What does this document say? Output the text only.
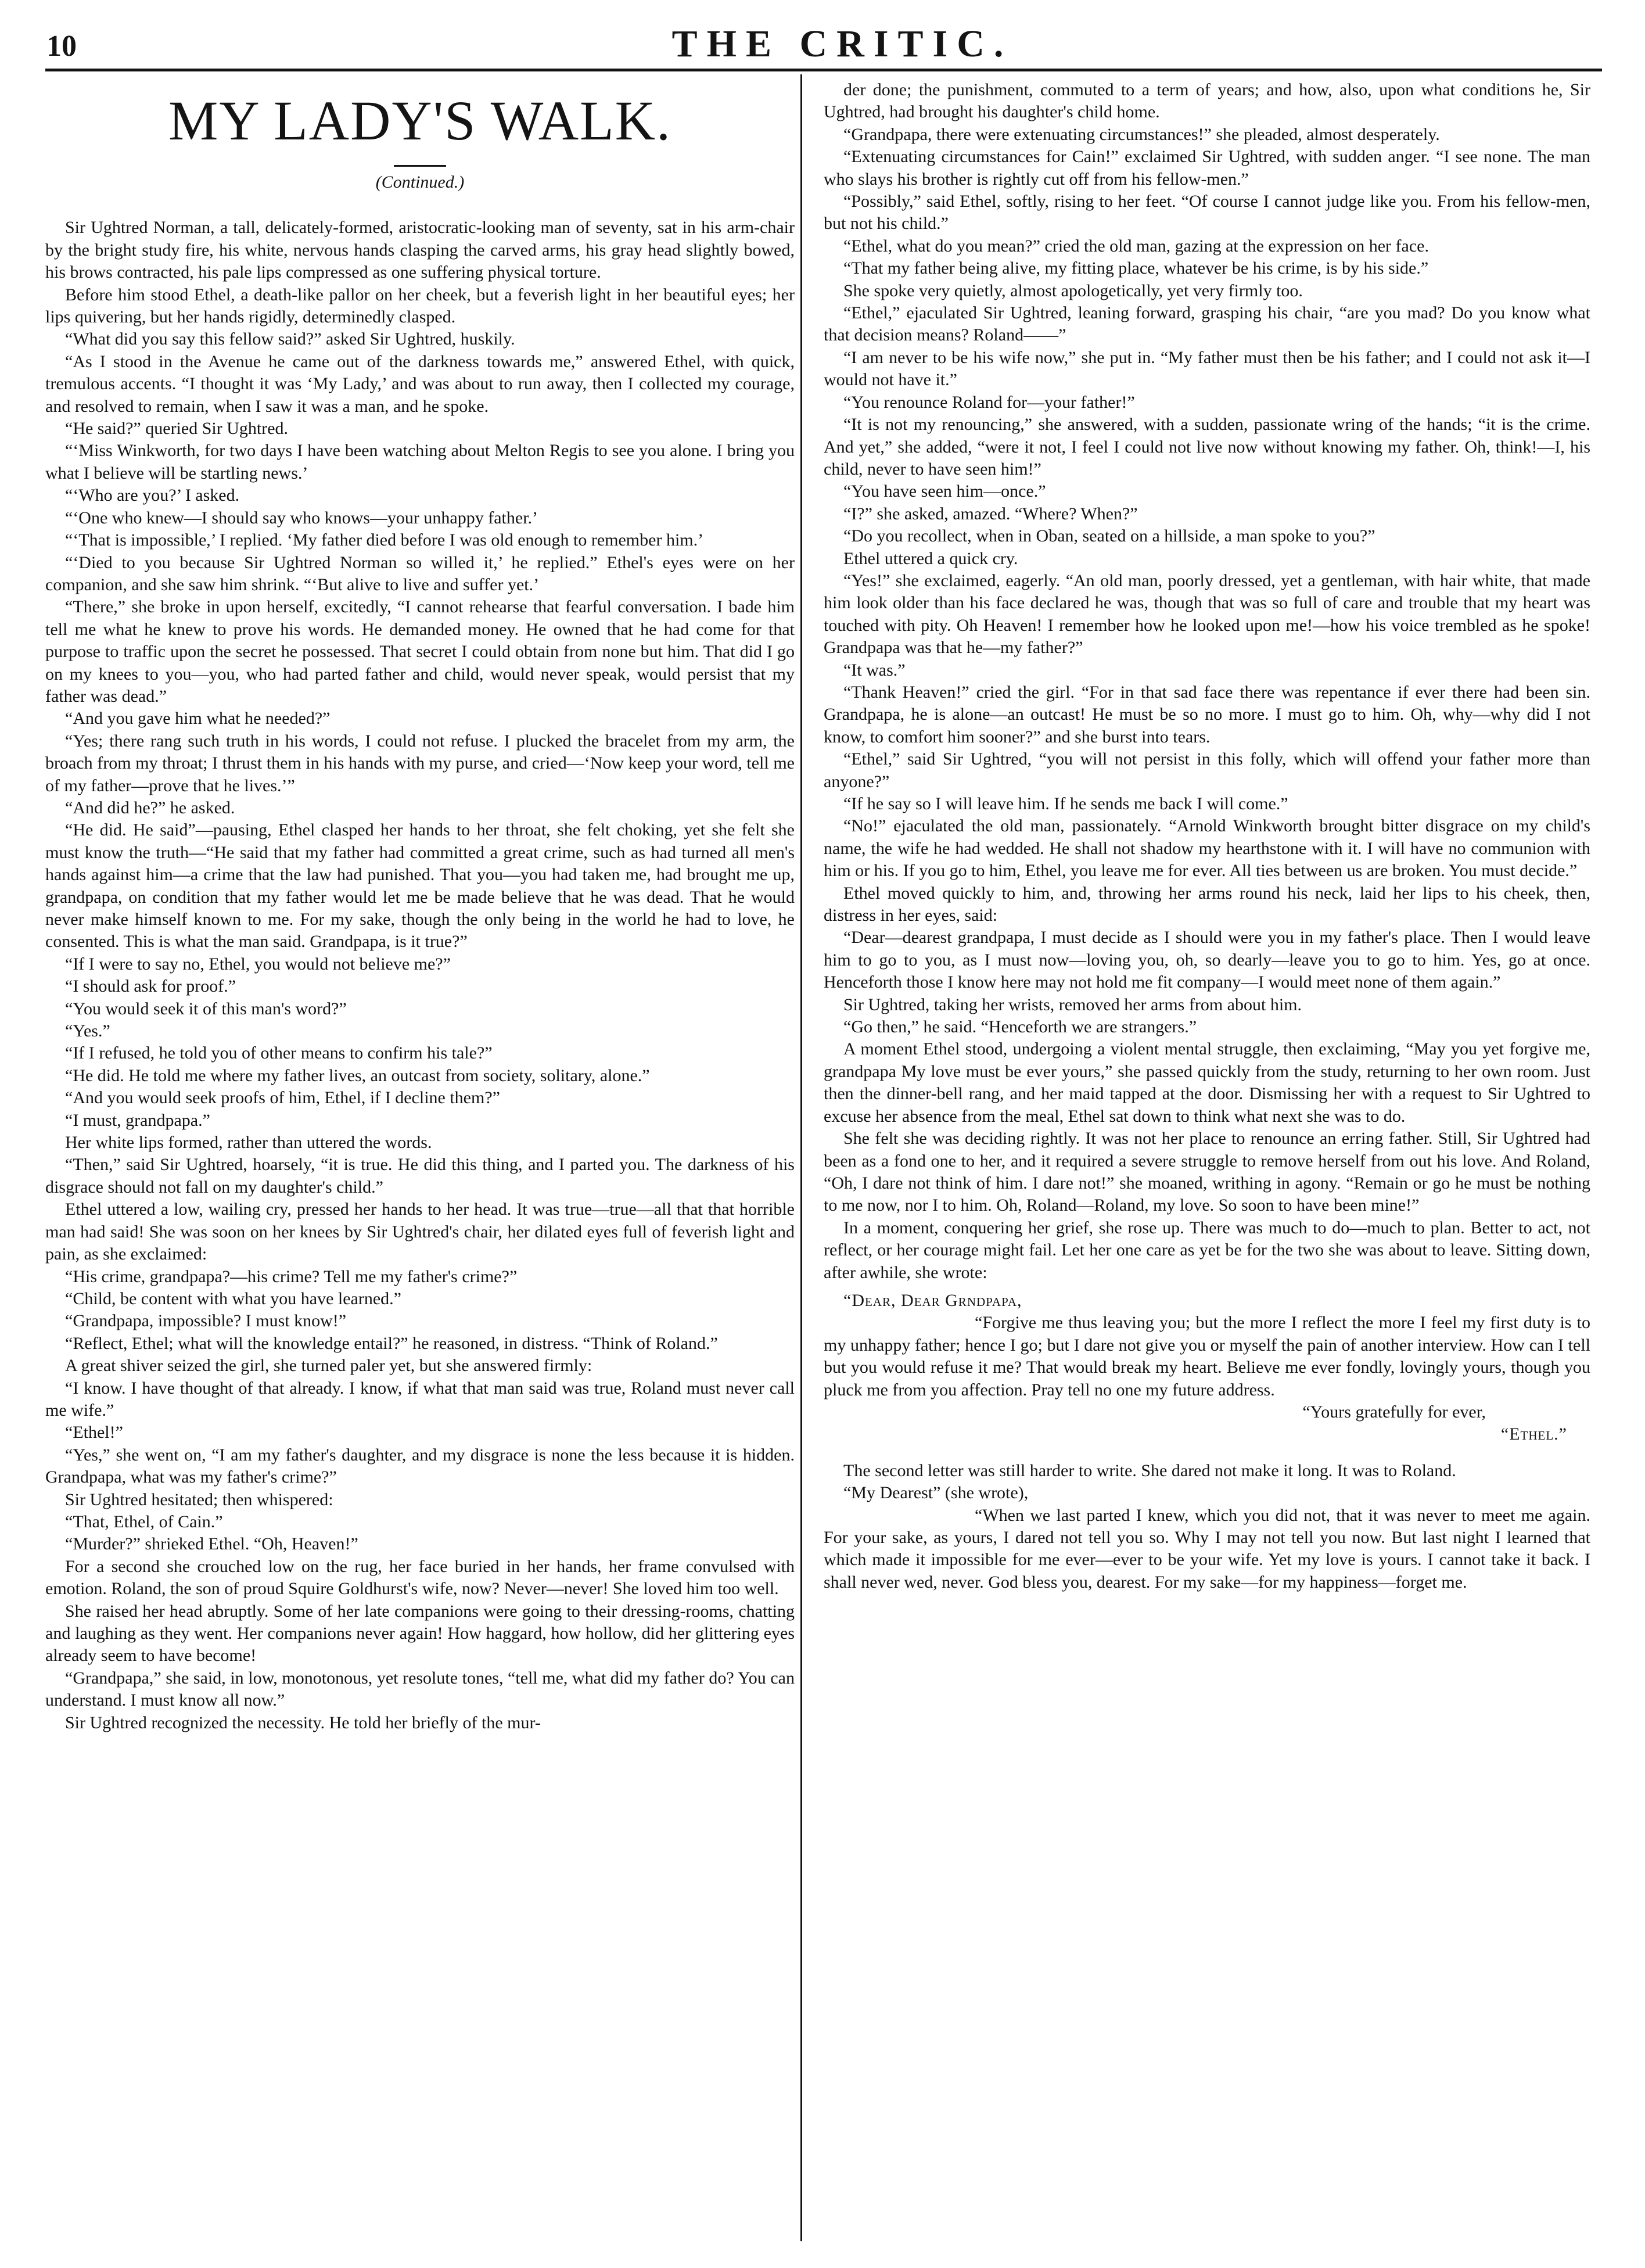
10	THE CRITIC.
MY LADY'S WALK.
(Continued.)

Sir Ughtred Norman, a tall, delicately-formed, aristocratic-looking man of seventy, sat in his arm-chair by the bright study fire, his white, nervous hands clasping the carved arms, his gray head slightly bowed, his brows contracted, his pale lips compressed as one suffering physical torture.

Before him stood Ethel, a death-like pallor on her cheek, but a feverish light in her beautiful eyes; her lips quivering, but her hands rigidly, determinedly clasped.

“What did you say this fellow said?” asked Sir Ughtred, huskily.

“As I stood in the Avenue he came out of the darkness towards me,” answered Ethel, with quick, tremulous accents. “I thought it was ‘My Lady,’ and was about to run away, then I collected my courage, and resolved to remain, when I saw it was a man, and he spoke.

“He said?” queried Sir Ughtred.

“‘Miss Winkworth, for two days I have been watching about Melton Regis to see you alone. I bring you what I believe will be startling news.’

“‘Who are you?’ I asked.

“‘One who knew—I should say who knows—your unhappy father.’

“‘That is impossible,’ I replied. ‘My father died before I was old enough to remember him.’

“‘Died to you because Sir Ughtred Norman so willed it,’ he replied.” Ethel's eyes were on her companion, and she saw him shrink. “‘But alive to live and suffer yet.’

“There,” she broke in upon herself, excitedly, “I cannot rehearse that fearful conversation. I bade him tell me what he knew to prove his words. He demanded money. He owned that he had come for that purpose to traffic upon the secret he possessed. That secret I could obtain from none but him. That did I go on my knees to you—you, who had parted father and child, would never speak, would persist that my father was dead.”

“And you gave him what he needed?”

“Yes; there rang such truth in his words, I could not refuse. I plucked the bracelet from my arm, the broach from my throat; I thrust them in his hands with my purse, and cried—‘Now keep your word, tell me of my father—prove that he lives.’”

“And did he?” he asked.

“He did. He said”—pausing, Ethel clasped her hands to her throat, she felt choking, yet she felt she must know the truth—“He said that my father had committed a great crime, such as had turned all men's hands against him—a crime that the law had punished. That you—you had taken me, had brought me up, grandpapa, on condition that my father would let me be made believe that he was dead. That he would never make himself known to me. For my sake, though the only being in the world he had to love, he consented. This is what the man said. Grandpapa, is it true?”

“If I were to say no, Ethel, you would not believe me?”

“I should ask for proof.”

“You would seek it of this man's word?”

“Yes.”

“If I refused, he told you of other means to confirm his tale?”

“He did. He told me where my father lives, an outcast from society, solitary, alone.”

“And you would seek proofs of him, Ethel, if I decline them?”

“I must, grandpapa.”

Her white lips formed, rather than uttered the words.

“Then,” said Sir Ughtred, hoarsely, “it is true. He did this thing, and I parted you. The darkness of his disgrace should not fall on my daughter's child.”

Ethel uttered a low, wailing cry, pressed her hands to her head. It was true—true—all that that horrible man had said! She was soon on her knees by Sir Ughtred's chair, her dilated eyes full of feverish light and pain, as she exclaimed:

“His crime, grandpapa?—his crime? Tell me my father's crime?”

“Child, be content with what you have learned.”

“Grandpapa, impossible? I must know!”

“Reflect, Ethel; what will the knowledge entail?” he reasoned, in distress. “Think of Roland.”

A great shiver seized the girl, she turned paler yet, but she answered firmly:

“I know. I have thought of that already. I know, if what that man said was true, Roland must never call me wife.”

“Ethel!”

“Yes,” she went on, “I am my father's daughter, and my disgrace is none the less because it is hidden. Grandpapa, what was my father's crime?”

Sir Ughtred hesitated; then whispered:

“That, Ethel, of Cain.”

“Murder?” shrieked Ethel. “Oh, Heaven!”

For a second she crouched low on the rug, her face buried in her hands, her frame convulsed with emotion. Roland, the son of proud Squire Goldhurst's wife, now? Never—never! She loved him too well.

She raised her head abruptly. Some of her late companions were going to their dressing-rooms, chatting and laughing as they went. Her companions never again! How haggard, how hollow, did her glittering eyes already seem to have become!

“Grandpapa,” she said, in low, monotonous, yet resolute tones, “tell me, what did my father do? You can understand. I must know all now.”

Sir Ughtred recognized the necessity. He told her briefly of the mur-

der done; the punishment, commuted to a term of years; and how, also, upon what conditions he, Sir Ughtred, had brought his daughter's child home.

“Grandpapa, there were extenuating circumstances!” she pleaded, almost desperately.

“Extenuating circumstances for Cain!” exclaimed Sir Ughtred, with sudden anger. “I see none. The man who slays his brother is rightly cut off from his fellow-men.”

“Possibly,” said Ethel, softly, rising to her feet. “Of course I cannot judge like you. From his fellow-men, but not his child.”

“Ethel, what do you mean?” cried the old man, gazing at the expression on her face.

“That my father being alive, my fitting place, whatever be his crime, is by his side.”

She spoke very quietly, almost apologetically, yet very firmly too.

“Ethel,” ejaculated Sir Ughtred, leaning forward, grasping his chair, “are you mad? Do you know what that decision means? Roland——”

“I am never to be his wife now,” she put in. “My father must then be his father; and I could not ask it—I would not have it.”

“You renounce Roland for—your father!”

“It is not my renouncing,” she answered, with a sudden, passionate wring of the hands; “it is the crime. And yet,” she added, “were it not, I feel I could not live now without knowing my father. Oh, think!—I, his child, never to have seen him!”

“You have seen him—once.”

“I?” she asked, amazed. “Where? When?”

“Do you recollect, when in Oban, seated on a hillside, a man spoke to you?”

Ethel uttered a quick cry.

“Yes!” she exclaimed, eagerly. “An old man, poorly dressed, yet a gentleman, with hair white, that made him look older than his face declared he was, though that was so full of care and trouble that my heart was touched with pity. Oh Heaven! I remember how he looked upon me!—how his voice trembled as he spoke! Grandpapa was that he—my father?”

“It was.”

“Thank Heaven!” cried the girl. “For in that sad face there was repentance if ever there had been sin. Grandpapa, he is alone—an outcast! He must be so no more. I must go to him. Oh, why—why did I not know, to comfort him sooner?” and she burst into tears.

“Ethel,” said Sir Ughtred, “you will not persist in this folly, which will offend your father more than anyone?”

“If he say so I will leave him. If he sends me back I will come.”

“No!” ejaculated the old man, passionately. “Arnold Winkworth brought bitter disgrace on my child's name, the wife he had wedded. He shall not shadow my hearthstone with it. I will have no communion with him or his. If you go to him, Ethel, you leave me for ever. All ties between us are broken. You must decide.”

Ethel moved quickly to him, and, throwing her arms round his neck, laid her lips to his cheek, then, distress in her eyes, said:

“Dear—dearest grandpapa, I must decide as I should were you in my father's place. Then I would leave him to go to you, as I must now—loving you, oh, so dearly—leave you to go to him. Yes, go at once. Henceforth those I know here may not hold me fit company—I would meet none of them again.”

Sir Ughtred, taking her wrists, removed her arms from about him.

“Go then,” he said. “Henceforth we are strangers.”

A moment Ethel stood, undergoing a violent mental struggle, then exclaiming, “May you yet forgive me, grandpapa My love must be ever yours,” she passed quickly from the study, returning to her own room. Just then the dinner-bell rang, and her maid tapped at the door. Dismissing her with a request to Sir Ughtred to excuse her absence from the meal, Ethel sat down to think what next she was to do.

She felt she was deciding rightly. It was not her place to renounce an erring father. Still, Sir Ughtred had been as a fond one to her, and it required a severe struggle to remove herself from out his love. And Roland, “Oh, I dare not think of him. I dare not!” she moaned, writhing in agony. “Remain or go he must be nothing to me now, nor I to him. Oh, Roland—Roland, my love. So soon to have been mine!”

In a moment, conquering her grief, she rose up. There was much to do—much to plan. Better to act, not reflect, or her courage might fail. Let her one care as yet be for the two she was about to leave. Sitting down, after awhile, she wrote:

“Dear, Dear Grndpapa,

“Forgive me thus leaving you; but the more I reflect the more I feel my first duty is to my unhappy father; hence I go; but I dare not give you or myself the pain of another interview. How can I tell but you would refuse it me? That would break my heart. Believe me ever fondly, lovingly yours, though you pluck me from you affection. Pray tell no one my future address.

“Yours gratefully for ever,

“Ethel.”

The second letter was still harder to write. She dared not make it long. It was to Roland.

“My Dearest” (she wrote),

“When we last parted I knew, which you did not, that it was never to meet me again. For your sake, as yours, I dared not tell you so. Why I may not tell you now. But last night I learned that which made it impossible for me ever—ever to be your wife. Yet my love is yours. I cannot take it back. I shall never wed, never. God bless you, dearest. For my sake—for my happiness—forget me.
